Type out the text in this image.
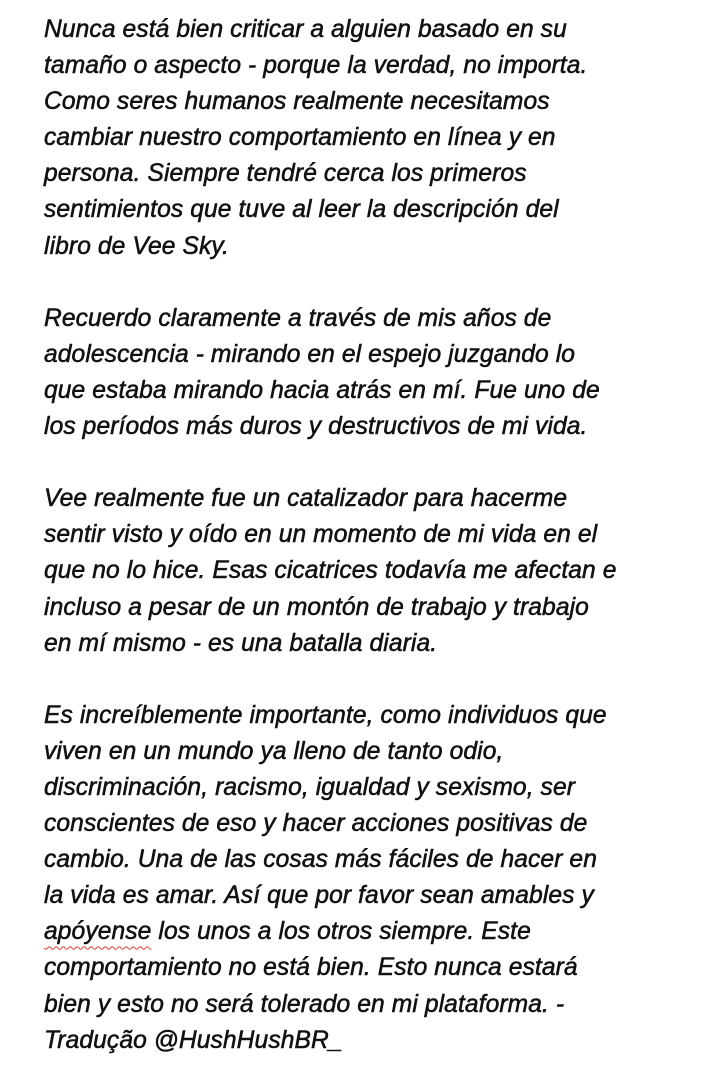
Nunca está bien criticar a alguien basado en su
tamaño o aspecto - porque la verdad, no importa.
Como seres humanos realmente necesitamos
cambiar nuestro comportamiento en línea y en
persona. Siempre tendré cerca los primeros
sentimientos que tuve al leer la descripción del
libro de Vee Sky.
Recuerdo claramente a través de mis años de
adolescencia - mirando en el espejo juzgando lo
que estaba mirando hacia atrás en mí. Fue uno de
los períodos más duros y destructivos de mi vida.
Vee realmente fue un catalizador para hacerme
sentir visto y oído en un momento de mi vida en el
que no lo hice. Esas cicatrices todavía me afectan e
incluso a pesar de un montón de trabajo y trabajo
en mí mismo - es una batalla diaria.
Es increíblemente importante, como individuos que
viven en un mundo ya lleno de tanto odio,
discriminación, racismo, igualdad y sexismo, ser
conscientes de eso y hacer acciones positivas de
cambio. Una de las cosas más fáciles de hacer en
la vida es amar. Así que por favor sean amables y
apóyense los unos a los otros siempre. Este
comportamiento no está bien. Esto nunca estará
bien y esto no será tolerado en mi plataforma. -
Tradução @HushHushBR_
